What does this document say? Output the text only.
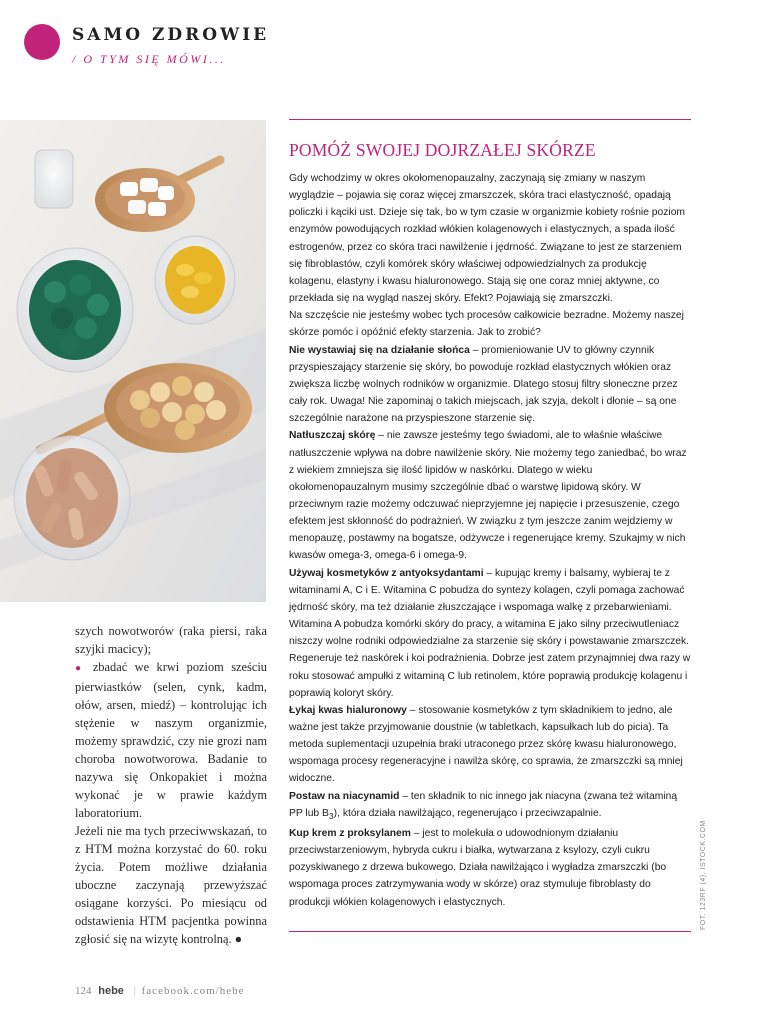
SAMO ZDROWIE
/ O TYM SIĘ MÓWI...

szych nowotworów (raka piersi, raka szyjki macicy);

● zbadać we krwi poziom sześciu pierwiastków (selen, cynk, kadm, ołów, arsen, miedź) – kontrolując ich stężenie w naszym organizmie, możemy sprawdzić, czy nie grozi nam choroba nowotworowa. Badanie to nazywa się Onkopakiet i można wykonać je w prawie każdym laboratorium.

Jeżeli nie ma tych przeciwwskazań, to z HTM można korzystać do 60. roku życia. Potem możliwe działania uboczne zaczynają przewyższać osiągane korzyści. Po miesiącu od odstawienia HTM pacjentka powinna zgłosić się na wizytę kontrolną. ●

POMÓŻ SWOJEJ DOJRZAŁEJ SKÓRZE

Gdy wchodzimy w okres okołomenopauzalny, zaczynają się zmiany w naszym wyglądzie – pojawia się coraz więcej zmarszczek, skóra traci elastyczność, opadają policzki i kąciki ust. Dzieje się tak, bo w tym czasie w organizmie kobiety rośnie poziom enzymów powodujących rozkład włókien kolagenowych i elastycznych, a spada ilość estrogenów, przez co skóra traci nawilżenie i jędrność. Związane to jest ze starzeniem się fibroblastów, czyli komórek skóry właściwej odpowiedzialnych za produkcję kolagenu, elastyny i kwasu hialuronowego. Stają się one coraz mniej aktywne, co przekłada się na wygląd naszej skóry. Efekt? Pojawiają się zmarszczki.

Na szczęście nie jesteśmy wobec tych procesów całkowicie bezradne. Możemy naszej skórze pomóc i opóźnić efekty starzenia. Jak to zrobić?

Nie wystawiaj się na działanie słońca – promieniowanie UV to główny czynnik przyspieszający starzenie się skóry, bo powoduje rozkład elastycznych włókien oraz zwiększa liczbę wolnych rodników w organizmie. Dlatego stosuj filtry słoneczne przez cały rok. Uwaga! Nie zapominaj o takich miejscach, jak szyja, dekolt i dłonie – są one szczególnie narażone na przyspieszone starzenie się.

Natłuszczaj skórę – nie zawsze jesteśmy tego świadomi, ale to właśnie właściwe natłuszczenie wpływa na dobre nawilżenie skóry. Nie możemy tego zaniedbać, bo wraz z wiekiem zmniejsza się ilość lipidów w naskórku. Dlatego w wieku okołomenopauzalnym musimy szczególnie dbać o warstwę lipidową skóry. W przeciwnym razie możemy odczuwać nieprzyjemne jej napięcie i przesuszenie, czego efektem jest skłonność do podrażnień. W związku z tym jeszcze zanim wejdziemy w menopauzę, postawmy na bogatsze, odżywcze i regenerujące kremy. Szukajmy w nich kwasów omega-3, omega-6 i omega-9.

Używaj kosmetyków z antyoksydantami – kupując kremy i balsamy, wybieraj te z witaminami A, C i E. Witamina C pobudza do syntezy kolagen, czyli pomaga zachować jędrność skóry, ma też działanie złuszczające i wspomaga walkę z przebarwieniami. Witamina A pobudza komórki skóry do pracy, a witamina E jako silny przeciwutleniacz niszczy wolne rodniki odpowiedzialne za starzenie się skóry i powstawanie zmarszczek. Regeneruje też naskórek i koi podrażnienia. Dobrze jest zatem przynajmniej dwa razy w roku stosować ampułki z witaminą C lub retinolem, które poprawią produkcję kolagenu i poprawią koloryt skóry.

Łykaj kwas hialuronowy – stosowanie kosmetyków z tym składnikiem to jedno, ale ważne jest także przyjmowanie doustnie (w tabletkach, kapsułkach lub do picia). Ta metoda suplementacji uzupełnia braki utraconego przez skórę kwasu hialuronowego, wspomaga procesy regeneracyjne i nawilża skórę, co sprawia, że zmarszczki są mniej widoczne.

Postaw na niacynamid – ten składnik to nic innego jak niacyna (zwana też witaminą PP lub $B_3$), która działa nawilżająco, regenerująco i przeciwzapalnie.

Kup krem z proksylanem – jest to molekuła o udowodnionym działaniu przeciwstarzeniowym, hybryda cukru i białka, wytwarzana z ksylozy, czyli cukru pozyskiwanego z drzewa bukowego. Działa nawilżająco i wygładza zmarszczki (bo wspomaga proces zatrzymywania wody w skórze) oraz stymuluje fibroblasty do produkcji włókien kolagenowych i elastycznych.	FOT. 123RF (4), ISTOCK.COM
124 hebe | facebook.com/hebe
